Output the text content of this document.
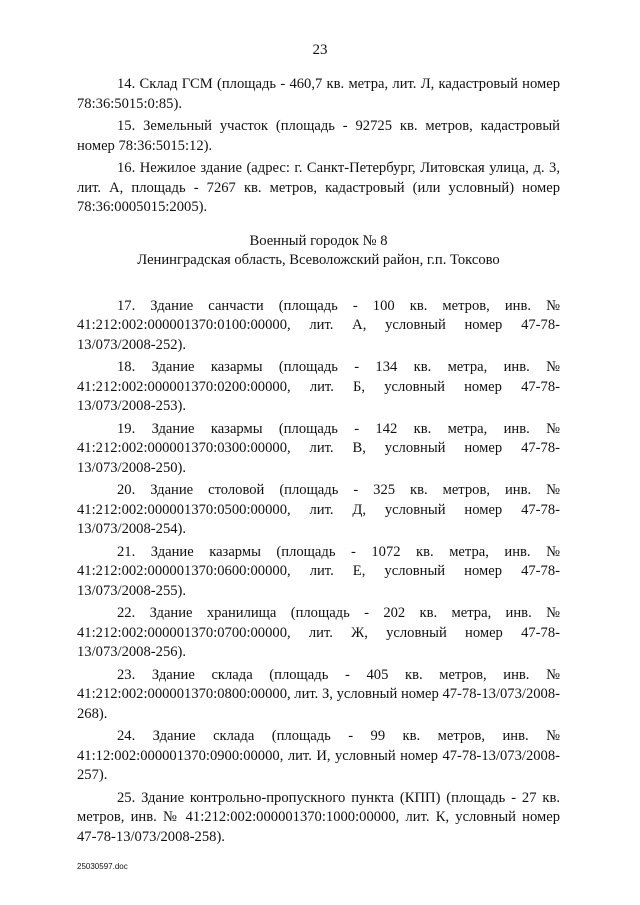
23

14. Склад ГСМ (площадь - 460,7 кв. метра, лит. Л, кадастровый номер 78:36:5015:0:85).

15. Земельный участок (площадь - 92725 кв. метров, кадастровый номер 78:36:5015:12).

16. Нежилое здание (адрес: г. Санкт-Петербург, Литовская улица, д. 3, лит. А, площадь - 7267 кв. метров, кадастровый (или условный) номер 78:36:0005015:2005).

Военный городок № 8
Ленинградская область, Всеволожский район, г.п. Токсово

17. Здание санчасти (площадь - 100 кв. метров, инв. № 41:212:002:000001370:0100:00000, лит. А, условный номер 47-78-13/073/2008-252).

18. Здание казармы (площадь - 134 кв. метра, инв. № 41:212:002:000001370:0200:00000, лит. Б, условный номер 47-78-13/073/2008-253).

19. Здание казармы (площадь - 142 кв. метра, инв. № 41:212:002:000001370:0300:00000, лит. В, условный номер 47-78-13/073/2008-250).

20. Здание столовой (площадь - 325 кв. метров, инв. № 41:212:002:000001370:0500:00000, лит. Д, условный номер 47-78-13/073/2008-254).

21. Здание казармы (площадь - 1072 кв. метра, инв. № 41:212:002:000001370:0600:00000, лит. Е, условный номер 47-78-13/073/2008-255).

22. Здание хранилища (площадь - 202 кв. метра, инв. № 41:212:002:000001370:0700:00000, лит. Ж, условный номер 47-78-13/073/2008-256).

23. Здание склада (площадь - 405 кв. метров, инв. № 41:212:002:000001370:0800:00000, лит. З, условный номер 47-78-13/073/2008-268).

24. Здание склада (площадь - 99 кв. метров, инв. № 41:12:002:000001370:0900:00000, лит. И, условный номер 47-78-13/073/2008-257).

25. Здание контрольно-пропускного пункта (КПП) (площадь - 27 кв. метров, инв. № 41:212:002:000001370:1000:00000, лит. К, условный номер 47-78-13/073/2008-258).

25030597.doc
